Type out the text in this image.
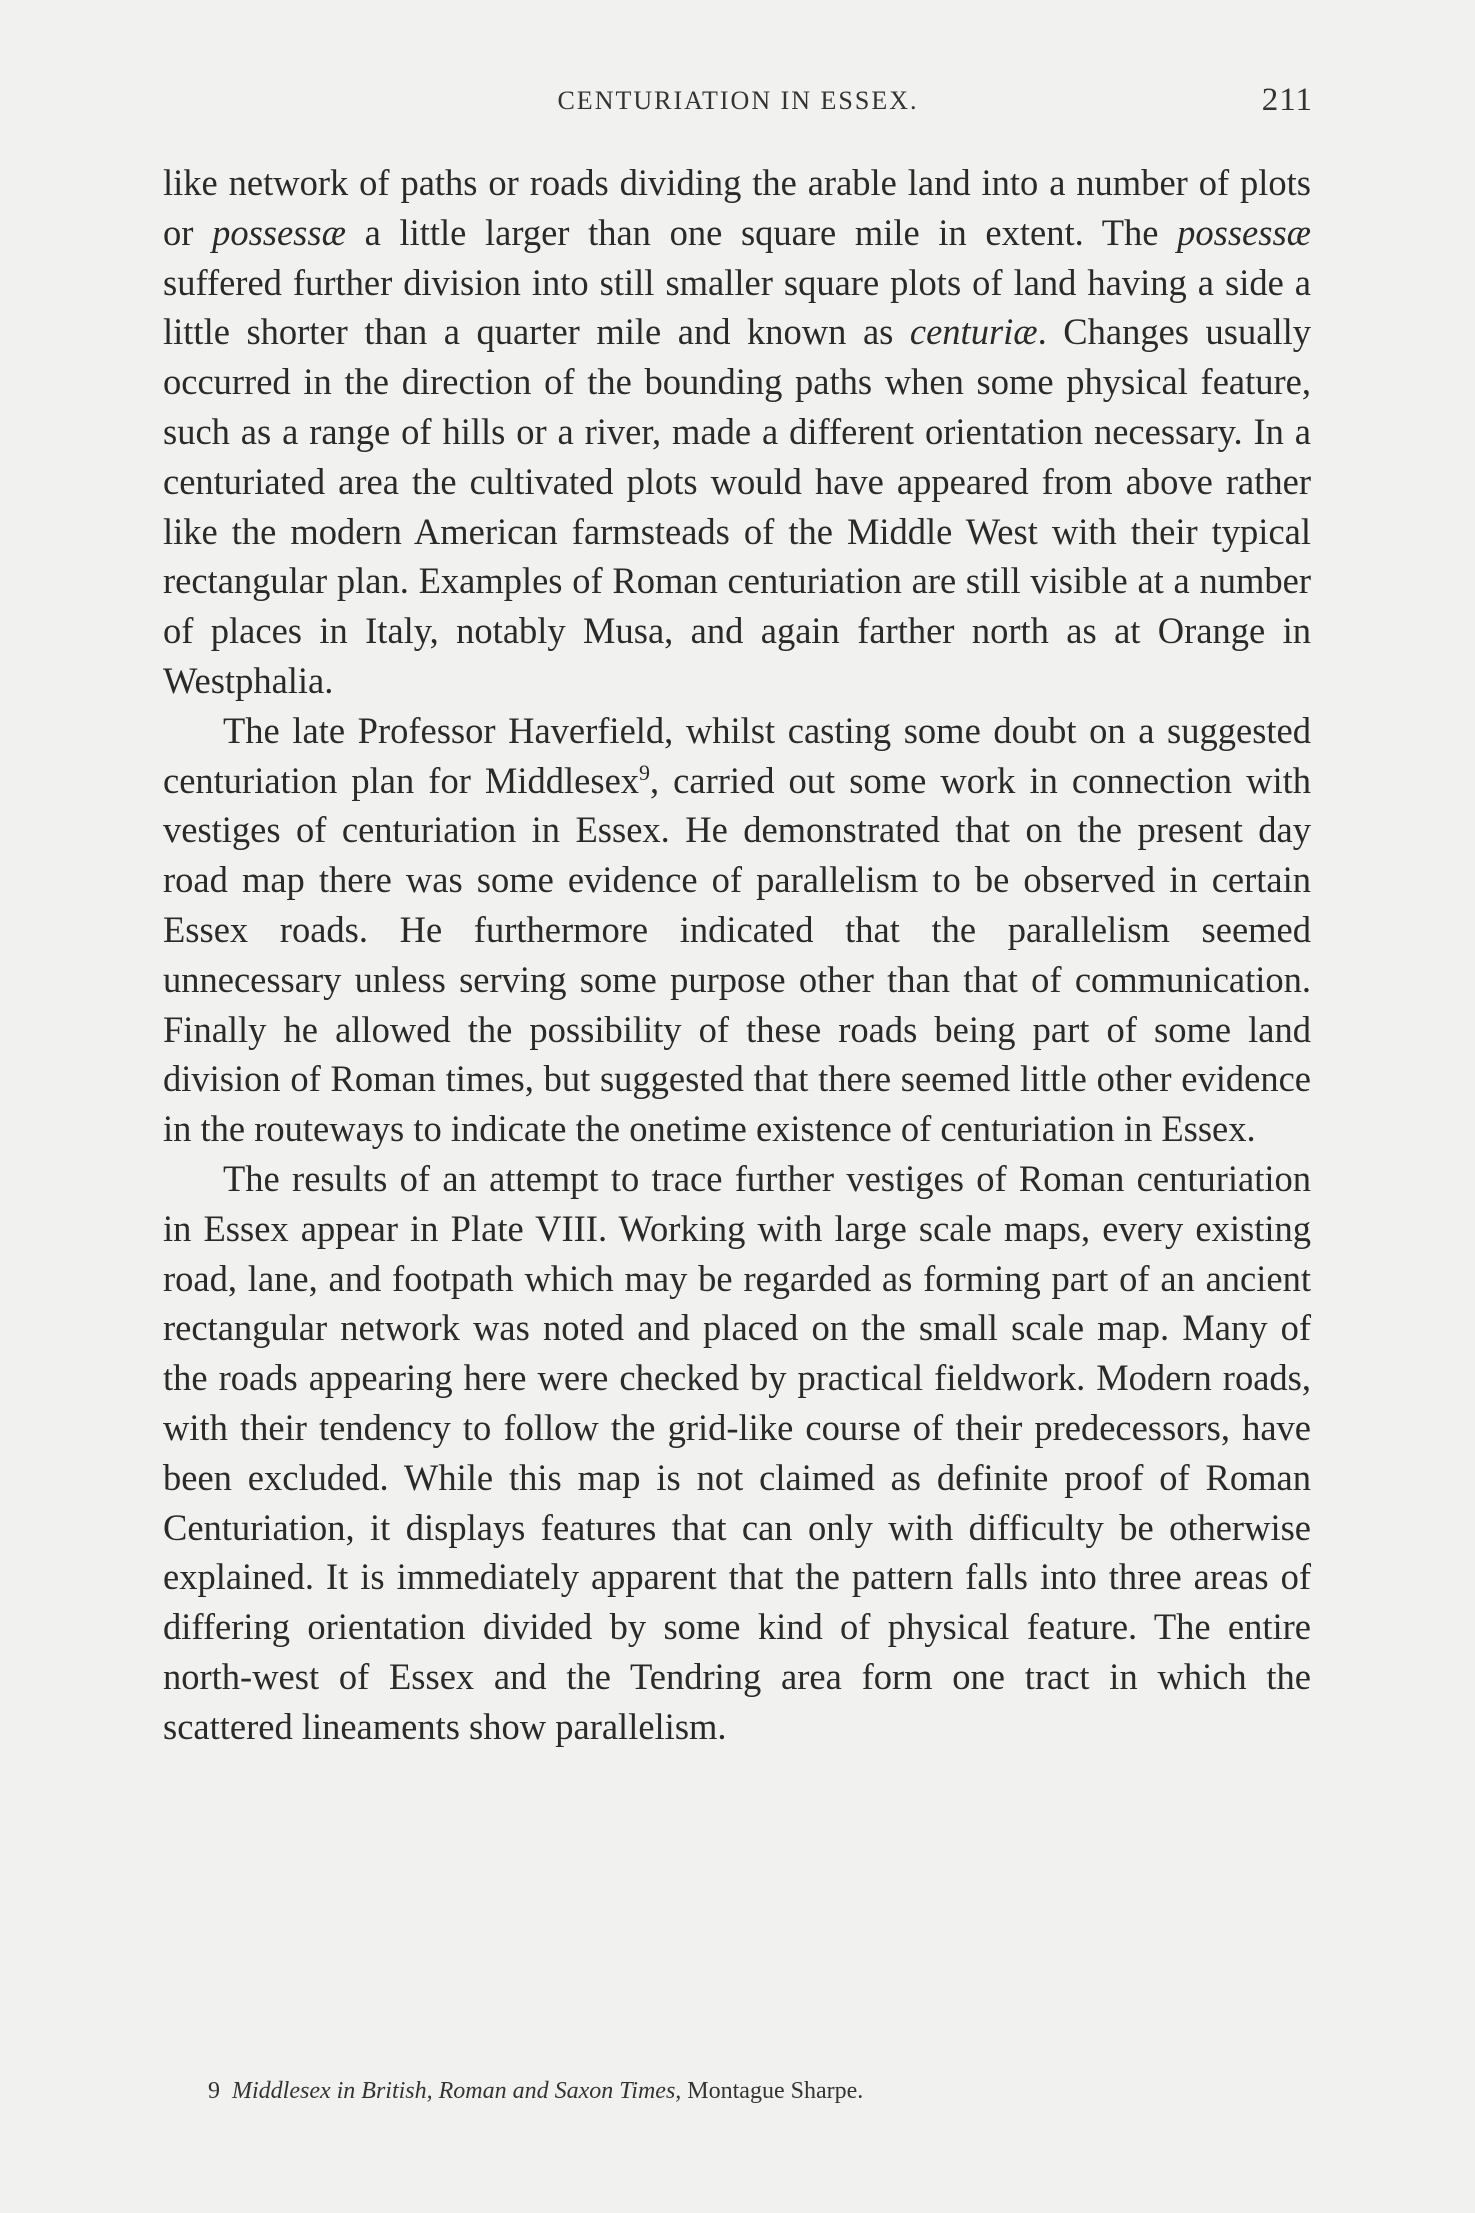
CENTURIATION IN ESSEX.	211

like network of paths or roads dividing the arable land into a number of plots or possessæ a little larger than one square mile in extent. The possessæ suffered further division into still smaller square plots of land having a side a little shorter than a quarter mile and known as centuriæ. Changes usually occurred in the direction of the bounding paths when some physical feature, such as a range of hills or a river, made a different orientation necessary. In a centuriated area the cultivated plots would have appeared from above rather like the modern American farmsteads of the Middle West with their typical rectangular plan. Examples of Roman centuriation are still visible at a number of places in Italy, notably Musa, and again farther north as at Orange in Westphalia.

The late Professor Haverfield, whilst casting some doubt on a suggested centuriation plan for Middlesex$^9$, carried out some work in connection with vestiges of centuriation in Essex. He demonstrated that on the present day road map there was some evidence of parallelism to be observed in certain Essex roads. He furthermore indicated that the parallelism seemed unnecessary unless serving some purpose other than that of communication. Finally he allowed the possibility of these roads being part of some land division of Roman times, but suggested that there seemed little other evidence in the routeways to indicate the onetime existence of centuriation in Essex.

The results of an attempt to trace further vestiges of Roman centuriation in Essex appear in Plate VIII. Working with large scale maps, every existing road, lane, and footpath which may be regarded as forming part of an ancient rectangular network was noted and placed on the small scale map. Many of the roads appearing here were checked by practical fieldwork. Modern roads, with their tendency to follow the grid-like course of their predecessors, have been excluded. While this map is not claimed as definite proof of Roman Centuriation, it displays features that can only with difficulty be otherwise explained. It is immediately apparent that the pattern falls into three areas of differing orientation divided by some kind of physical feature. The entire north-west of Essex and the Tendring area form one tract in which the scattered lineaments show parallelism.

9 Middlesex in British, Roman and Saxon Times, Montague Sharpe.
